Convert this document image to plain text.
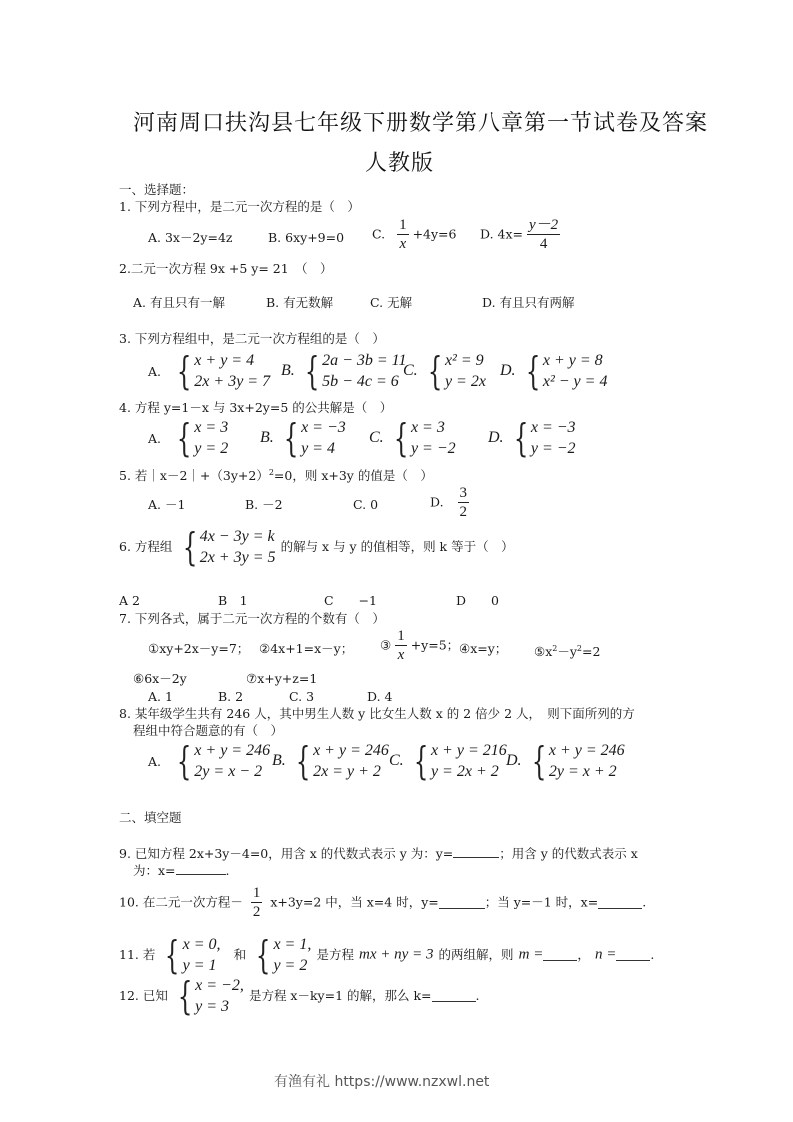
河南周口扶沟县七年级下册数学第八章第一节试卷及答案
人教版
一、选择题：
1. 下列方程中，是二元一次方程的是（　）
A. 3x－2y=4z	B. 6xy+9=0 C. $\frac{1}{x} +4y=6$ D. $4x= \frac{y-2}{4}$
2.二元一次方程 9x +5 y= 21　（　）
A. 有且只有一解	B. 有无数解	C. 无解	D. 有且只有两解
3. 下列方程组中，是二元一次方程组的是（　）
A. { x + y = 4
2x + 3y = 7
B. { 2a − 3b = 11
5b − 4c = 6
C. { x² = 9
y = 2x
D. { x + y = 8
x² − y = 4
4. 方程 y=1－x 与 3x+2y=5 的公共解是（　）
A. { x = 3
y = 2
B. { x = −3
y = 4
C. { x = 3
y = −2
D. { x = −3
y = −2
5. 若$|x-2|+(3y+2)^2=0$，则 x+3y 的值是（　）
A. －1	B. －2	C. 0	D. $\frac{3}{2}$
6. 方程组 { 4x − 3y = k
2x + 3y = 5
的解与 x 与 y 的值相等，则 k 等于（　）
A 2	B　1	C　　−1	D　　0
7. 下列各式，属于二元一次方程的个数有（　）
①xy+2x－y=7； ②4x+1=x－y； ③ $\frac{1}{x} +y=5$； ④x=y； $⑤x^2-y^2=2$
⑥6x－2y	⑦x+y+z=1
A. 1	B. 2	C. 3	D. 4
8. 某年级学生共有 246 人，其中男生人数 y 比女生人数 x 的 2 倍少 2 人，　则下面所列的方
程组中符合题意的有（　）
A. { x + y = 246
2y = x − 2
B. { x + y = 246
2x = y + 2
C. { x + y = 216
y = 2x + 2
D. { x + y = 246
2y = x + 2
二、填空题
9. 已知方程 2x+3y－4=0，用含 x 的代数式表示 y 为：y=	；用含 y 的代数式表示 x
为：x=	.
10. 在二元一次方程－ $\frac{1}{2} x+3y=2$ 中，当 x=4 时，y=	；当 y=－1 时，x=	.
11. 若 { x = 0,
y = 1
和 { x = 1,
y = 2
是方程 mx + ny = 3 的两组解，则 m =	， n =	.
12. 已知 { x = −2,
y = 3
是方程 x－ky=1 的解，那么 k=	.
有渔有礼 https://www.nzxwl.net
